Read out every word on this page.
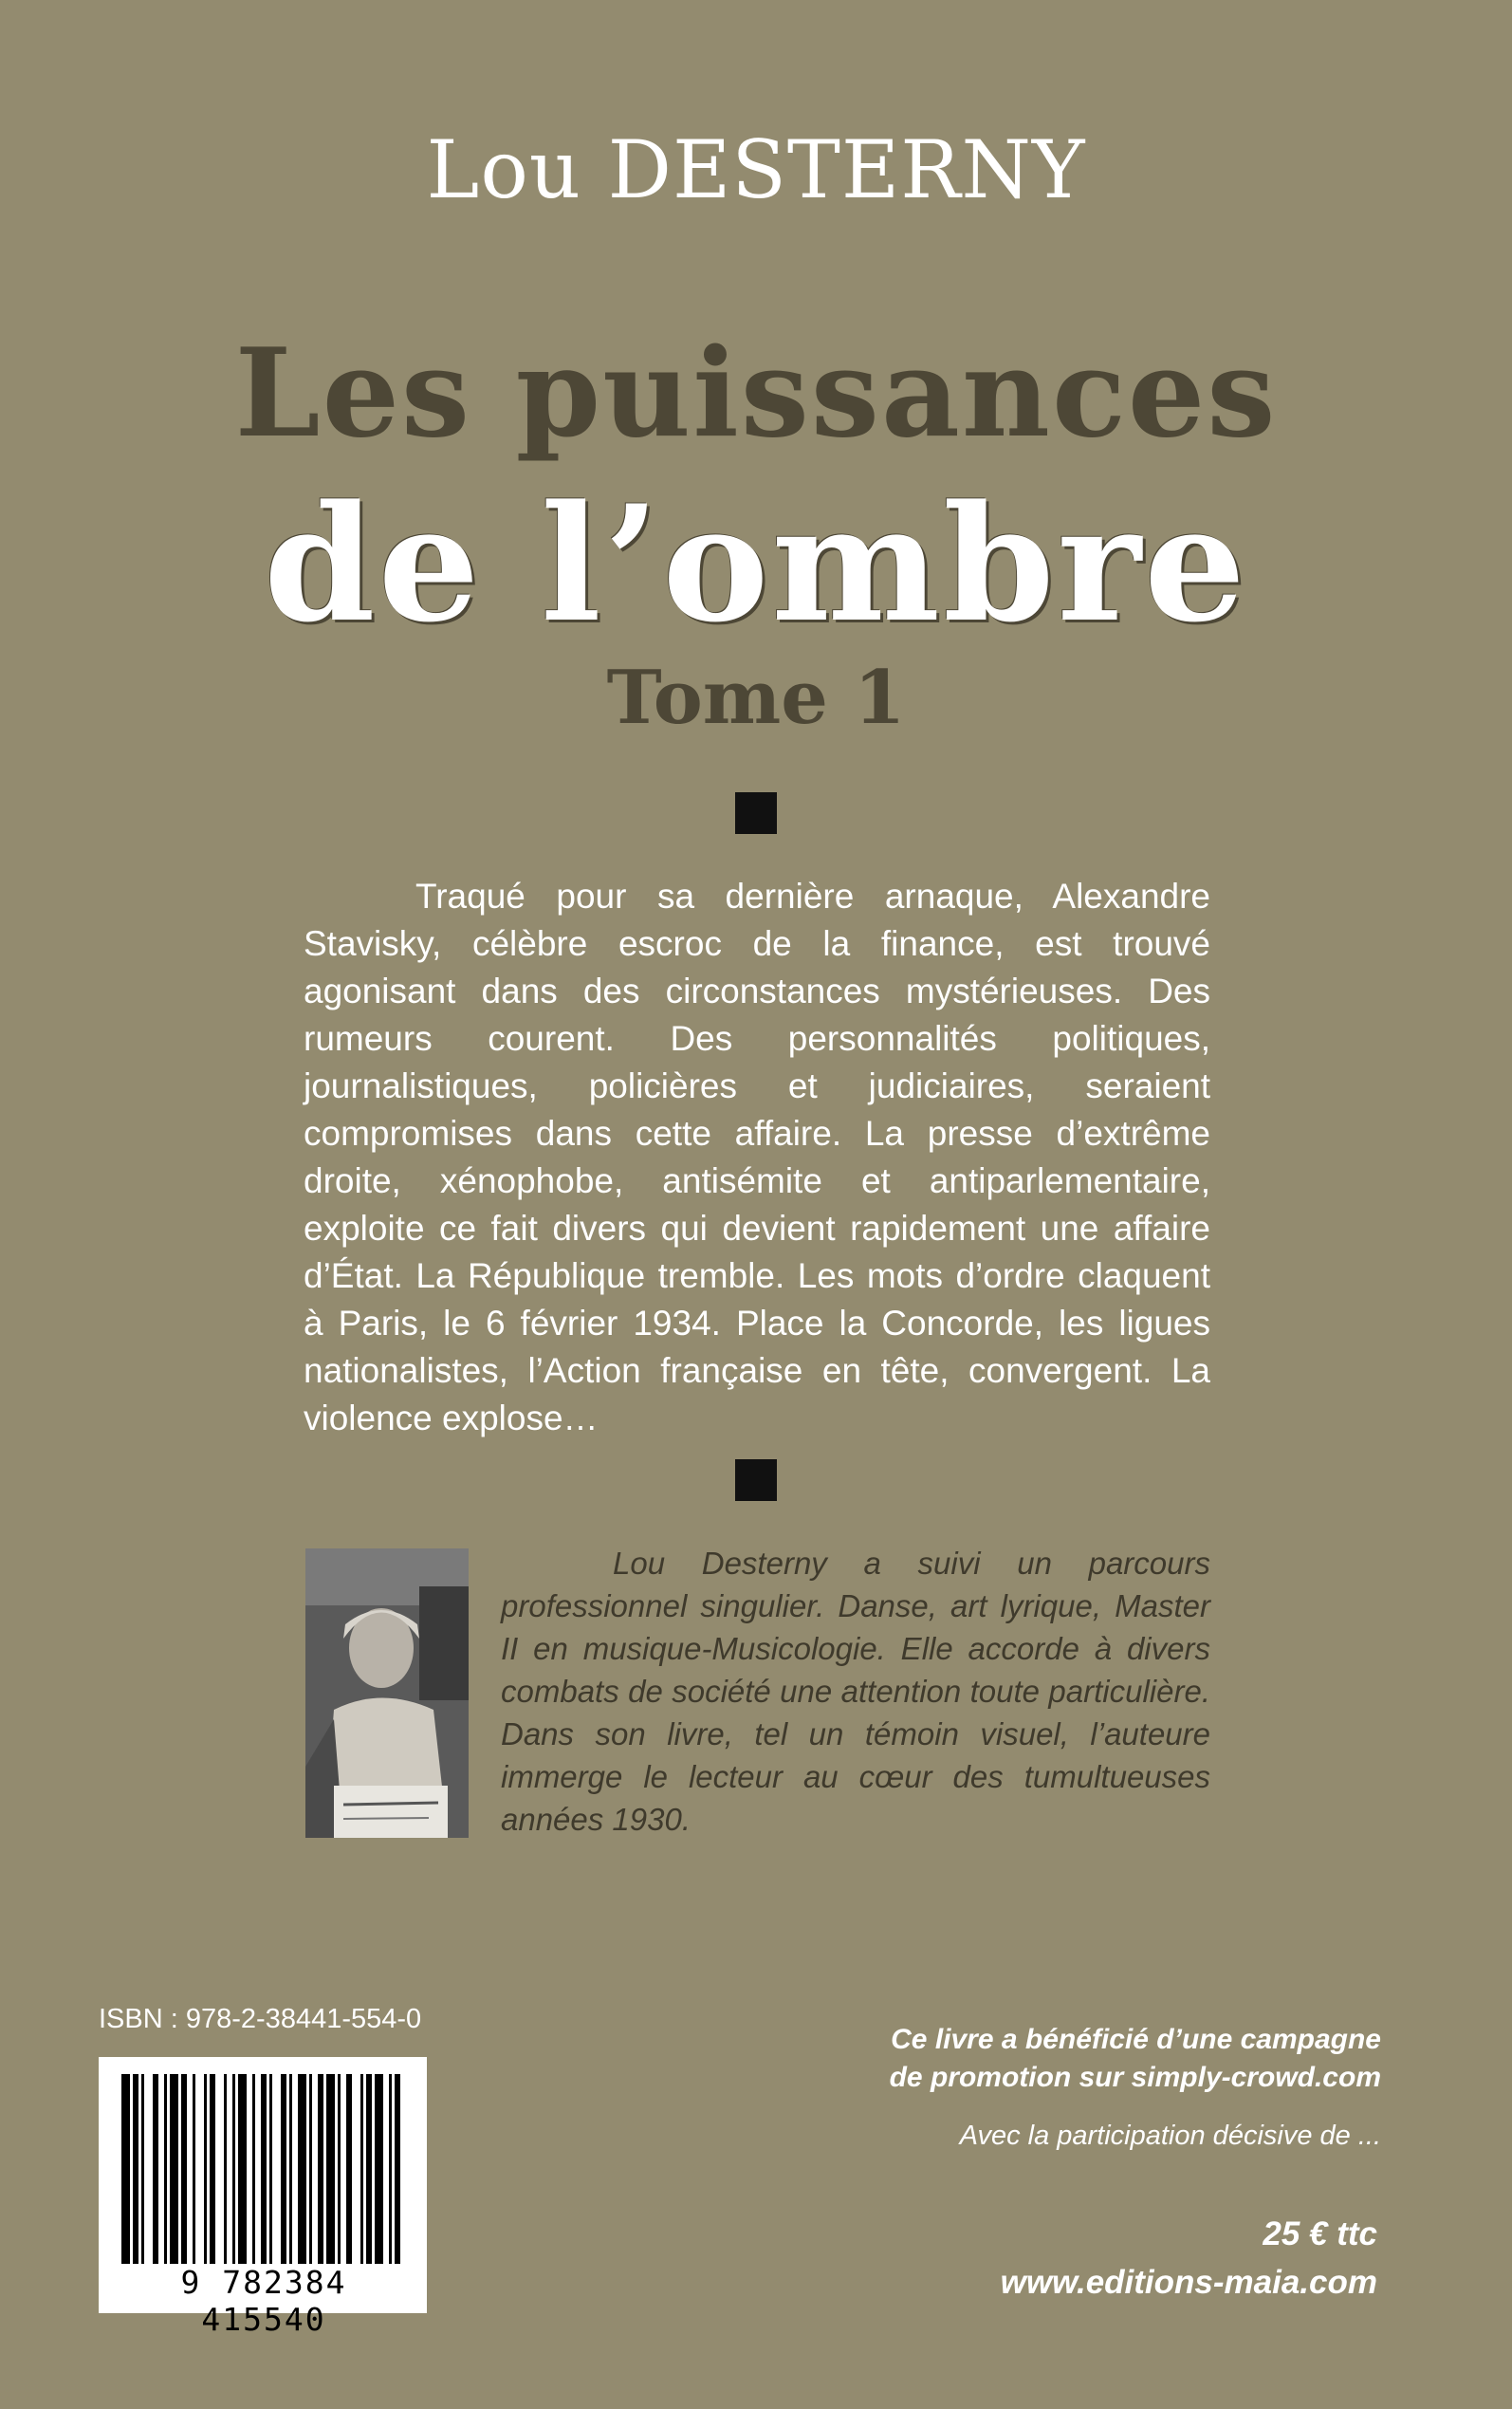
Lou DESTERNY
Les puissances
de l’ombre
Tome 1

Traqué pour sa dernière arnaque, Alexandre Stavisky, célèbre escroc de la finance, est trouvé agonisant dans des circonstances mystérieuses. Des rumeurs courent. Des personnalités politiques, journalistiques, policières et judiciaires, seraient compromises dans cette affaire. La presse d’extrême droite, xénophobe, antisémite et antiparlementaire, exploite ce fait divers qui devient rapidement une affaire d’État. La République tremble. Les mots d’ordre claquent à Paris, le 6 février 1934. Place la Concorde, les ligues nationalistes, l’Action française en tête, convergent. La violence explose…

Lou Desterny a suivi un parcours professionnel singulier. Danse, art lyrique, Master II en musique-Musicologie. Elle accorde à divers combats de société une attention toute particulière. Dans son livre, tel un témoin visuel, l’auteure immerge le lecteur au cœur des tumultueuses années 1930.

ISBN : 978-2-38441-554-0
9 782384 415540
Ce livre a bénéficié d’une campagne
de promotion sur simply-crowd.com
Avec la participation décisive de ...
25 € ttc
www.editions-maia.com
